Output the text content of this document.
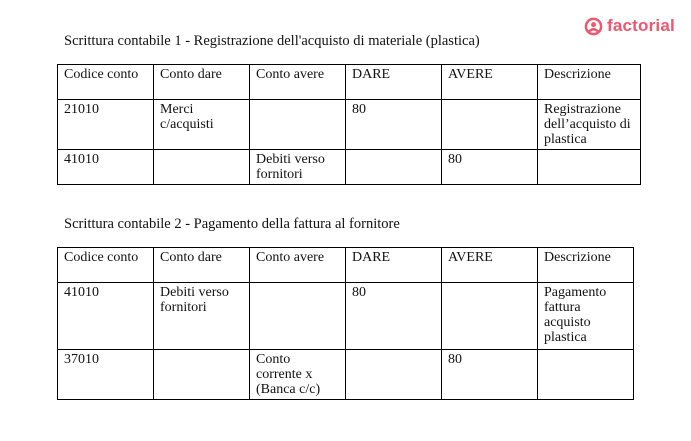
factorial
Scrittura contabile 1 - Registrazione dell'acquisto di materiale (plastica)
Codice conto	Conto dare	Conto avere	DARE	AVERE	Descrizione
21010	Merci c/acquisti		80		Registrazione dell’acquisto di plastica
41010		Debiti verso fornitori		80	
Scrittura contabile 2 - Pagamento della fattura al fornitore
Codice conto	Conto dare	Conto avere	DARE	AVERE	Descrizione
41010	Debiti verso fornitori		80		Pagamento fattura acquisto plastica
37010		Conto corrente x (Banca c/c)		80	
